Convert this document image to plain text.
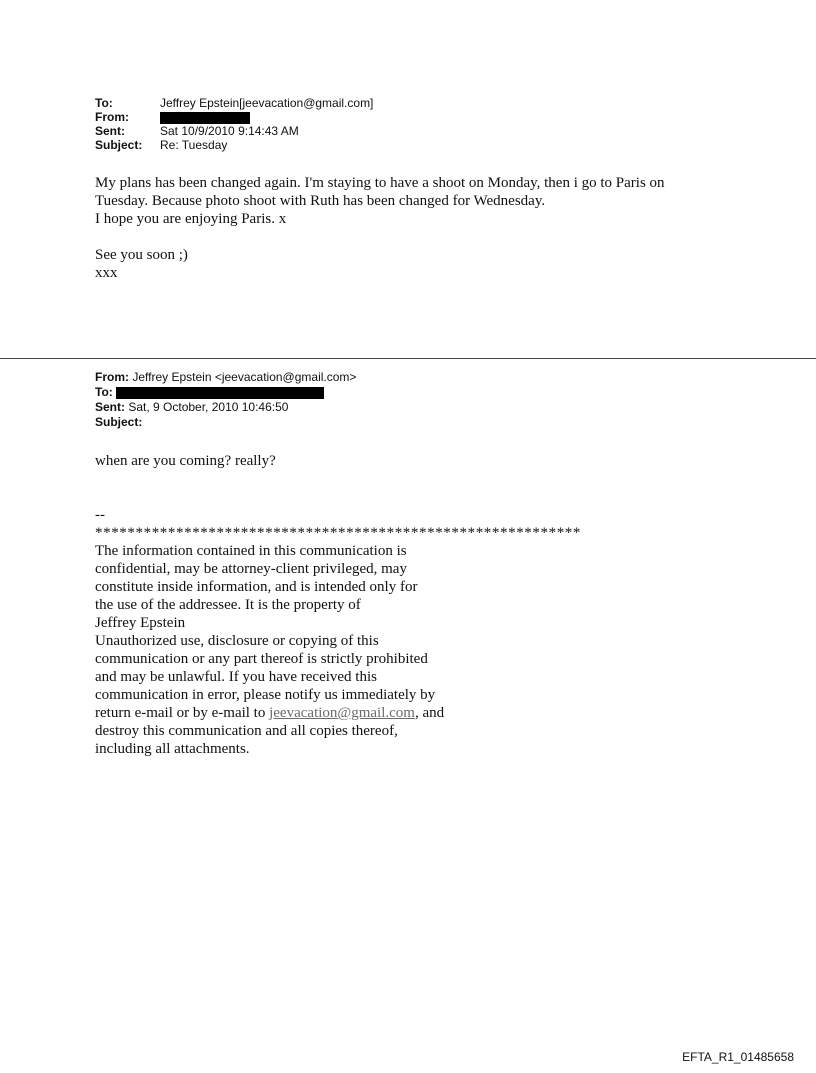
To:	Jeffrey Epstein[jeevacation@gmail.com]
From:
Sent:	Sat 10/9/2010 9:14:43 AM
Subject:	Re: Tuesday

My plans has been changed again. I'm staying to have a shoot on Monday, then i go to Paris on

Tuesday. Because photo shoot with Ruth has been changed for Wednesday.

I hope you are enjoying Paris. x

See you soon ;)

xxx

From: Jeffrey Epstein <jeevacation@gmail.com>
To:
Sent: Sat, 9 October, 2010 10:46:50
Subject:

when are you coming? really?

--

************************************************************

The information contained in this communication is

confidential, may be attorney-client privileged, may

constitute inside information, and is intended only for

the use of the addressee. It is the property of

Jeffrey Epstein

Unauthorized use, disclosure or copying of this

communication or any part thereof is strictly prohibited

and may be unlawful. If you have received this

communication in error, please notify us immediately by

return e-mail or by e-mail to jeevacation@gmail.com, and

destroy this communication and all copies thereof,

including all attachments.

EFTA_R1_01485658
